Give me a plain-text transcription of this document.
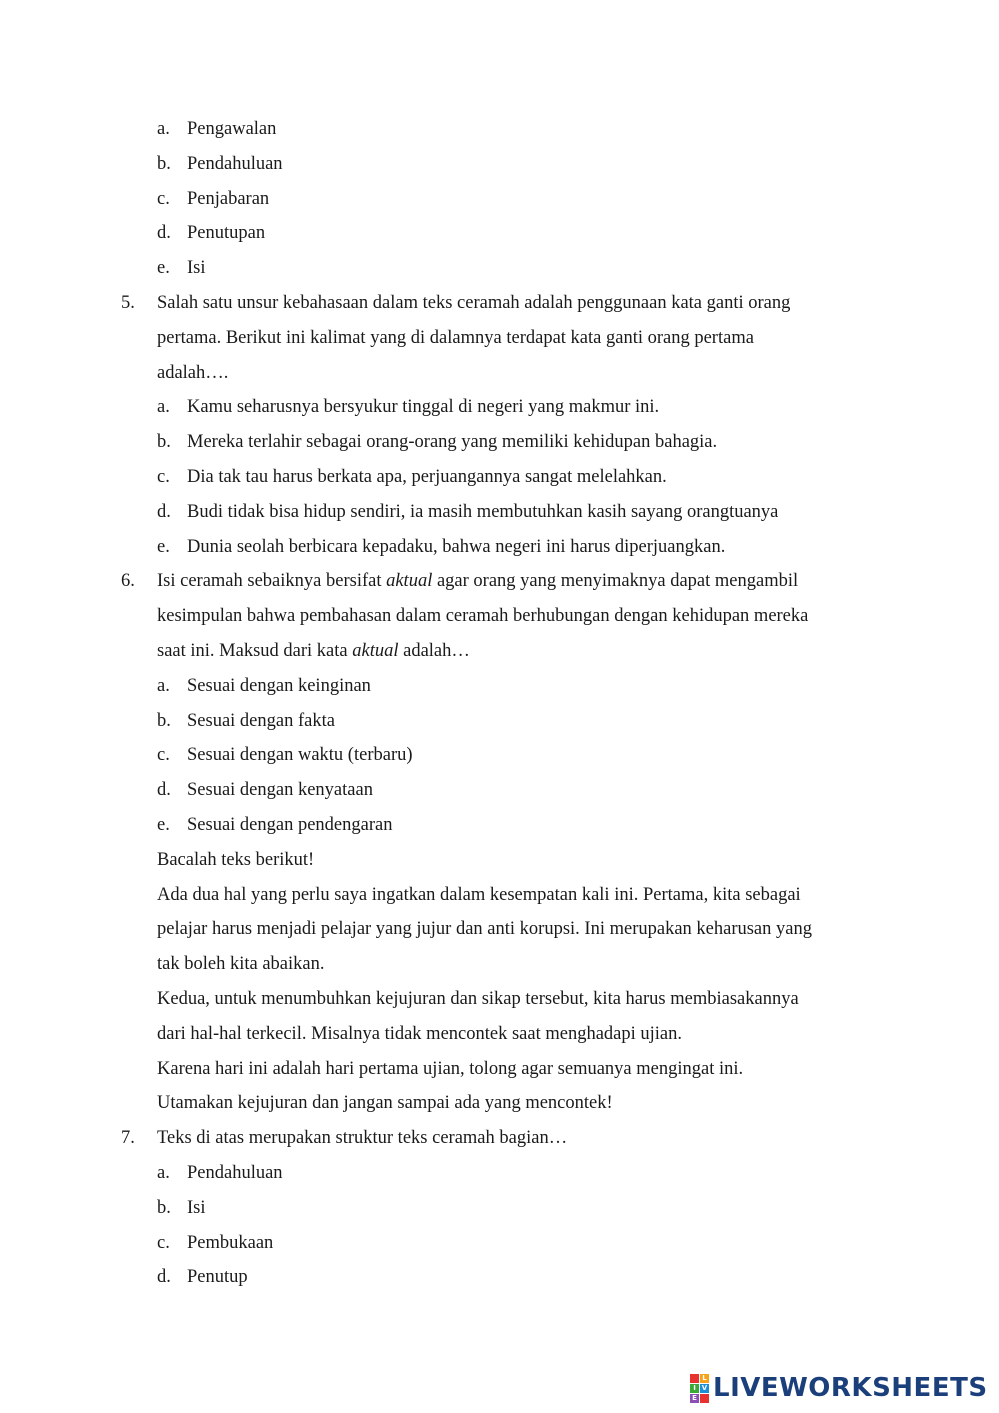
a. Pengawalan
b. Pendahuluan
c. Penjabaran
d. Penutupan
e. Isi
5. Salah satu unsur kebahasaan dalam teks ceramah adalah penggunaan kata ganti orang
pertama. Berikut ini kalimat yang di dalamnya terdapat kata ganti orang pertama
adalah….
a. Kamu seharusnya bersyukur tinggal di negeri yang makmur ini.
b. Mereka terlahir sebagai orang-orang yang memiliki kehidupan bahagia.
c. Dia tak tau harus berkata apa, perjuangannya sangat melelahkan.
d. Budi tidak bisa hidup sendiri, ia masih membutuhkan kasih sayang orangtuanya
e. Dunia seolah berbicara kepadaku, bahwa negeri ini harus diperjuangkan.
6. Isi ceramah sebaiknya bersifat aktual agar orang yang menyimaknya dapat mengambil
kesimpulan bahwa pembahasan dalam ceramah berhubungan dengan kehidupan mereka
saat ini. Maksud dari kata aktual adalah…
a. Sesuai dengan keinginan
b. Sesuai dengan fakta
c. Sesuai dengan waktu (terbaru)
d. Sesuai dengan kenyataan
e. Sesuai dengan pendengaran
Bacalah teks berikut!
Ada dua hal yang perlu saya ingatkan dalam kesempatan kali ini. Pertama, kita sebagai
pelajar harus menjadi pelajar yang jujur dan anti korupsi. Ini merupakan keharusan yang
tak boleh kita abaikan.
Kedua, untuk menumbuhkan kejujuran dan sikap tersebut, kita harus membiasakannya
dari hal-hal terkecil. Misalnya tidak mencontek saat menghadapi ujian.
Karena hari ini adalah hari pertama ujian, tolong agar semuanya mengingat ini.
Utamakan kejujuran dan jangan sampai ada yang mencontek!
7. Teks di atas merupakan struktur teks ceramah bagian…
a. Pendahuluan
b. Isi
c. Pembukaan
d. Penutup
L
I V
E LIVEWORKSHEETS
